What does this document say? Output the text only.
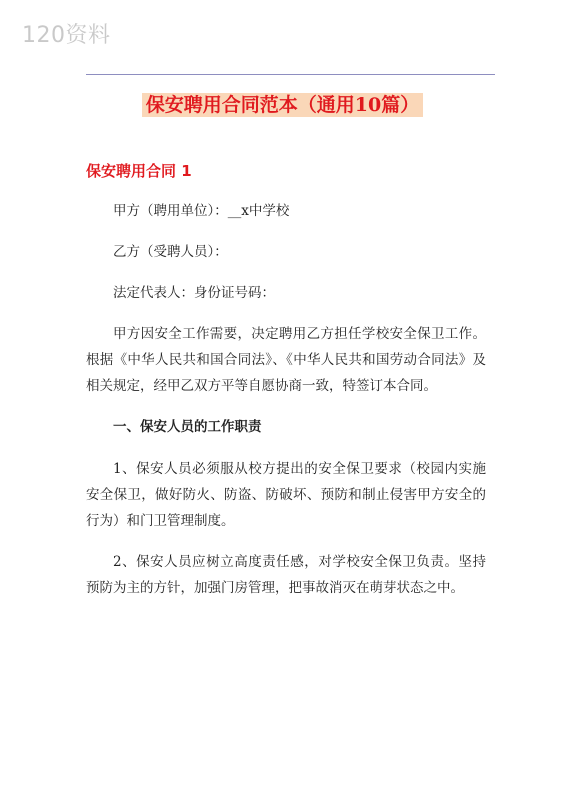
120资料
保安聘用合同范本（通用10篇）
保安聘用合同 1

甲方（聘用单位）：__x中学校

乙方（受聘人员）：

法定代表人：身份证号码：

甲方因安全工作需要，决定聘用乙方担任学校安全保卫工作。根据《中华人民共和国合同法》、《中华人民共和国劳动合同法》及相关规定，经甲乙双方平等自愿协商一致，特签订本合同。

一、保安人员的工作职责

1、保安人员必须服从校方提出的安全保卫要求（校园内实施安全保卫，做好防火、防盗、防破坏、预防和制止侵害甲方安全的行为）和门卫管理制度。

2、保安人员应树立高度责任感，对学校安全保卫负责。坚持预防为主的方针，加强门房管理，把事故消灭在萌芽状态之中。
